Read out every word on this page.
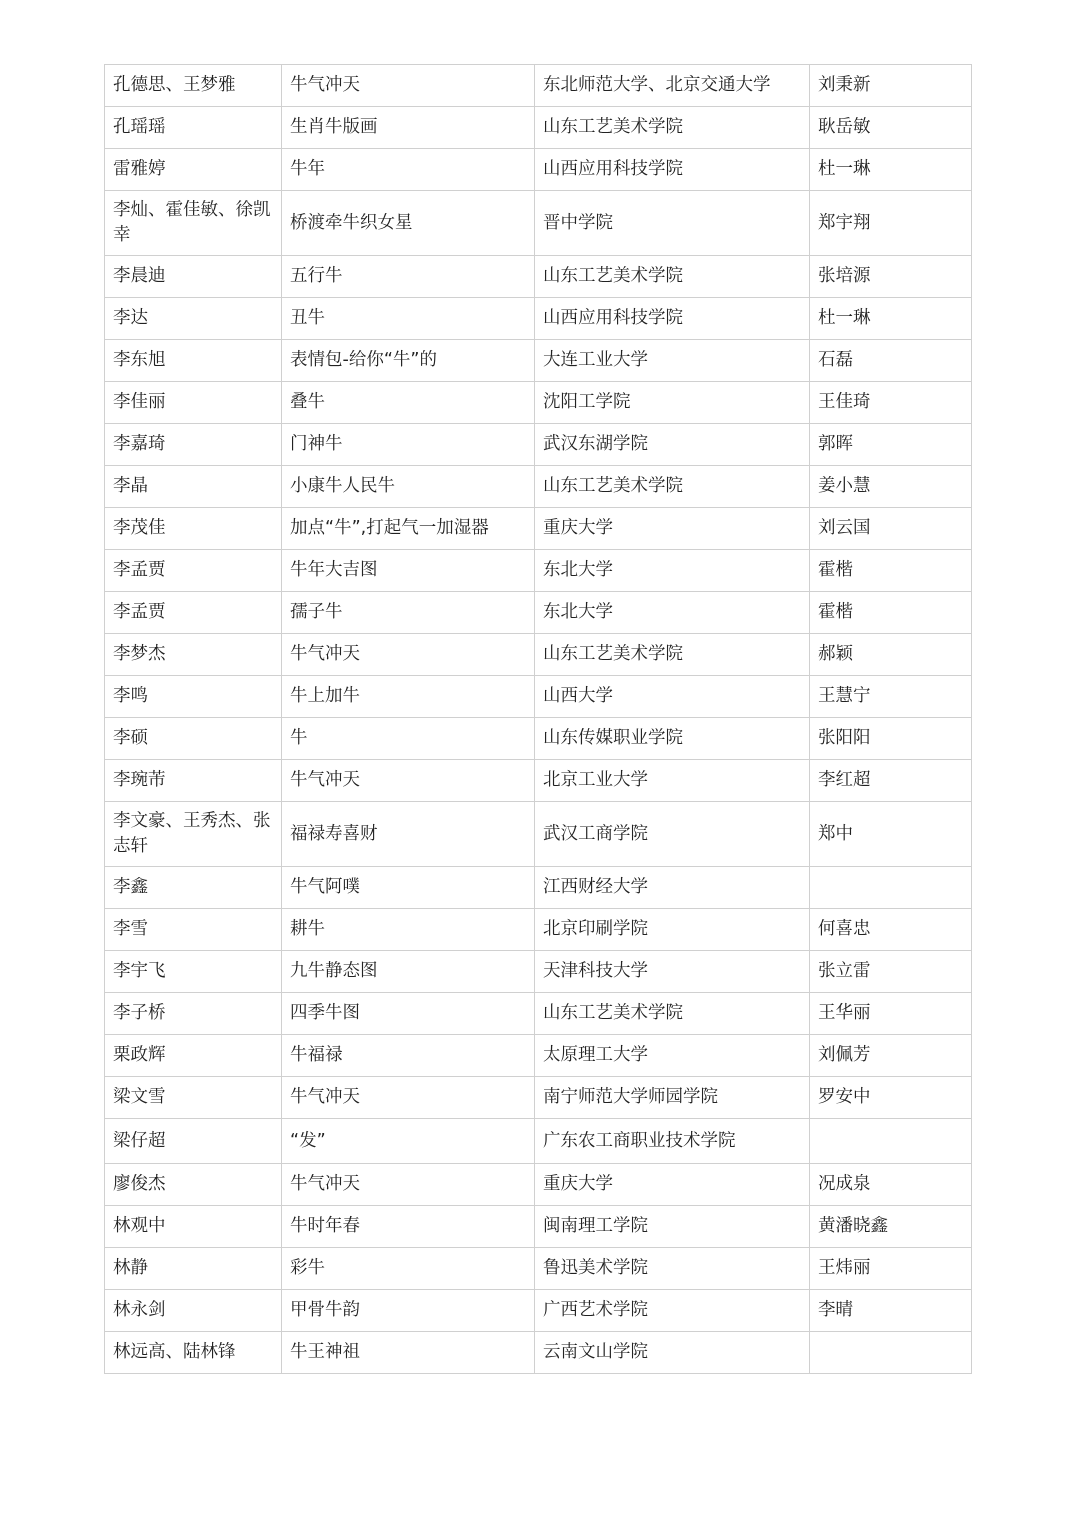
孔德思、王梦雅	牛气冲天	东北师范大学、北京交通大学	刘秉新
孔瑶瑶	生肖牛版画	山东工艺美术学院	耿岳敏
雷雅婷	牛年	山西应用科技学院	杜一琳
李灿、霍佳敏、徐凯幸	桥渡牵牛织女星	晋中学院	郑宇翔
李晨迪	五行牛	山东工艺美术学院	张培源
李达	丑牛	山西应用科技学院	杜一琳
李东旭	表情包-给你“牛”的	大连工业大学	石磊
李佳丽	叠牛	沈阳工学院	王佳琦
李嘉琦	门神牛	武汉东湖学院	郭晖
李晶	小康牛人民牛	山东工艺美术学院	姜小慧
李茂佳	加点“牛”,打起气一加湿器	重庆大学	刘云国
李孟贾	牛年大吉图	东北大学	霍楷
李孟贾	孺子牛	东北大学	霍楷
李梦杰	牛气冲天	山东工艺美术学院	郝颖
李鸣	牛上加牛	山西大学	王慧宁
李硕	牛	山东传媒职业学院	张阳阳
李琬芾	牛气冲天	北京工业大学	李红超
李文豪、王秀杰、张志轩	福禄寿喜财	武汉工商学院	郑中
李鑫	牛气阿噗	江西财经大学	
李雪	耕牛	北京印刷学院	何喜忠
李宇飞	九牛静态图	天津科技大学	张立雷
李子桥	四季牛图	山东工艺美术学院	王华丽
栗政辉	牛福禄	太原理工大学	刘佩芳
梁文雪	牛气冲天	南宁师范大学师园学院	罗安中
梁仔超	“发”	广东农工商职业技术学院	
廖俊杰	牛气冲天	重庆大学	况成泉
林观中	牛时年春	闽南理工学院	黄潘晓鑫
林静	彩牛	鲁迅美术学院	王炜丽
林永剑	甲骨牛韵	广西艺术学院	李晴
林远高、陆林锋	牛王神祖	云南文山学院	
